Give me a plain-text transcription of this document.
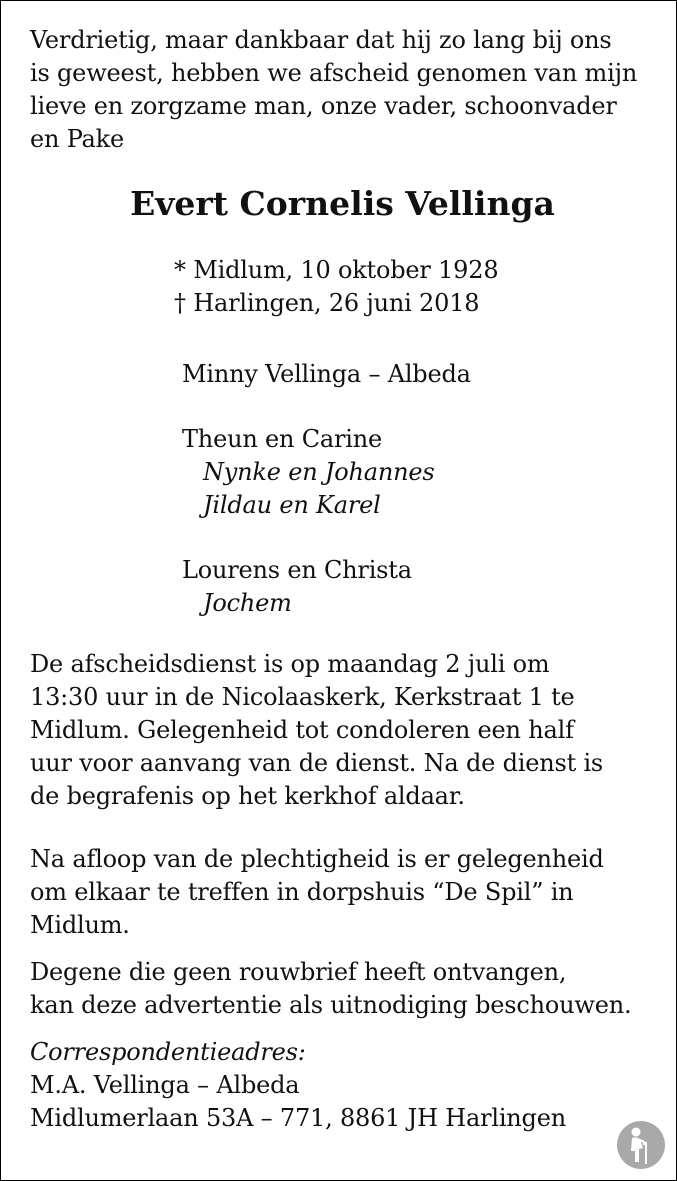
Verdrietig, maar dankbaar dat hij zo lang bij ons
is geweest, hebben we afscheid genomen van mijn
lieve en zorgzame man, onze vader, schoonvader
en Pake

Evert Cornelis Vellinga
* Midlum, 10 oktober 1928
† Harlingen, 26 juni 2018
Minny Vellinga – Albeda
Theun en Carine
Nynke en Johannes
Jildau en Karel
Lourens en Christa
Jochem

De afscheidsdienst is op maandag 2 juli om
13:30 uur in de Nicolaaskerk, Kerkstraat 1 te
Midlum. Gelegenheid tot condoleren een half
uur voor aanvang van de dienst. Na de dienst is
de begrafenis op het kerkhof aldaar.

Na afloop van de plechtigheid is er gelegenheid
om elkaar te treffen in dorpshuis “De Spil” in
Midlum.

Degene die geen rouwbrief heeft ontvangen,
kan deze advertentie als uitnodiging beschouwen.

Correspondentieadres:
M.A. Vellinga – Albeda
Midlumerlaan 53A – 771, 8861 JH Harlingen
